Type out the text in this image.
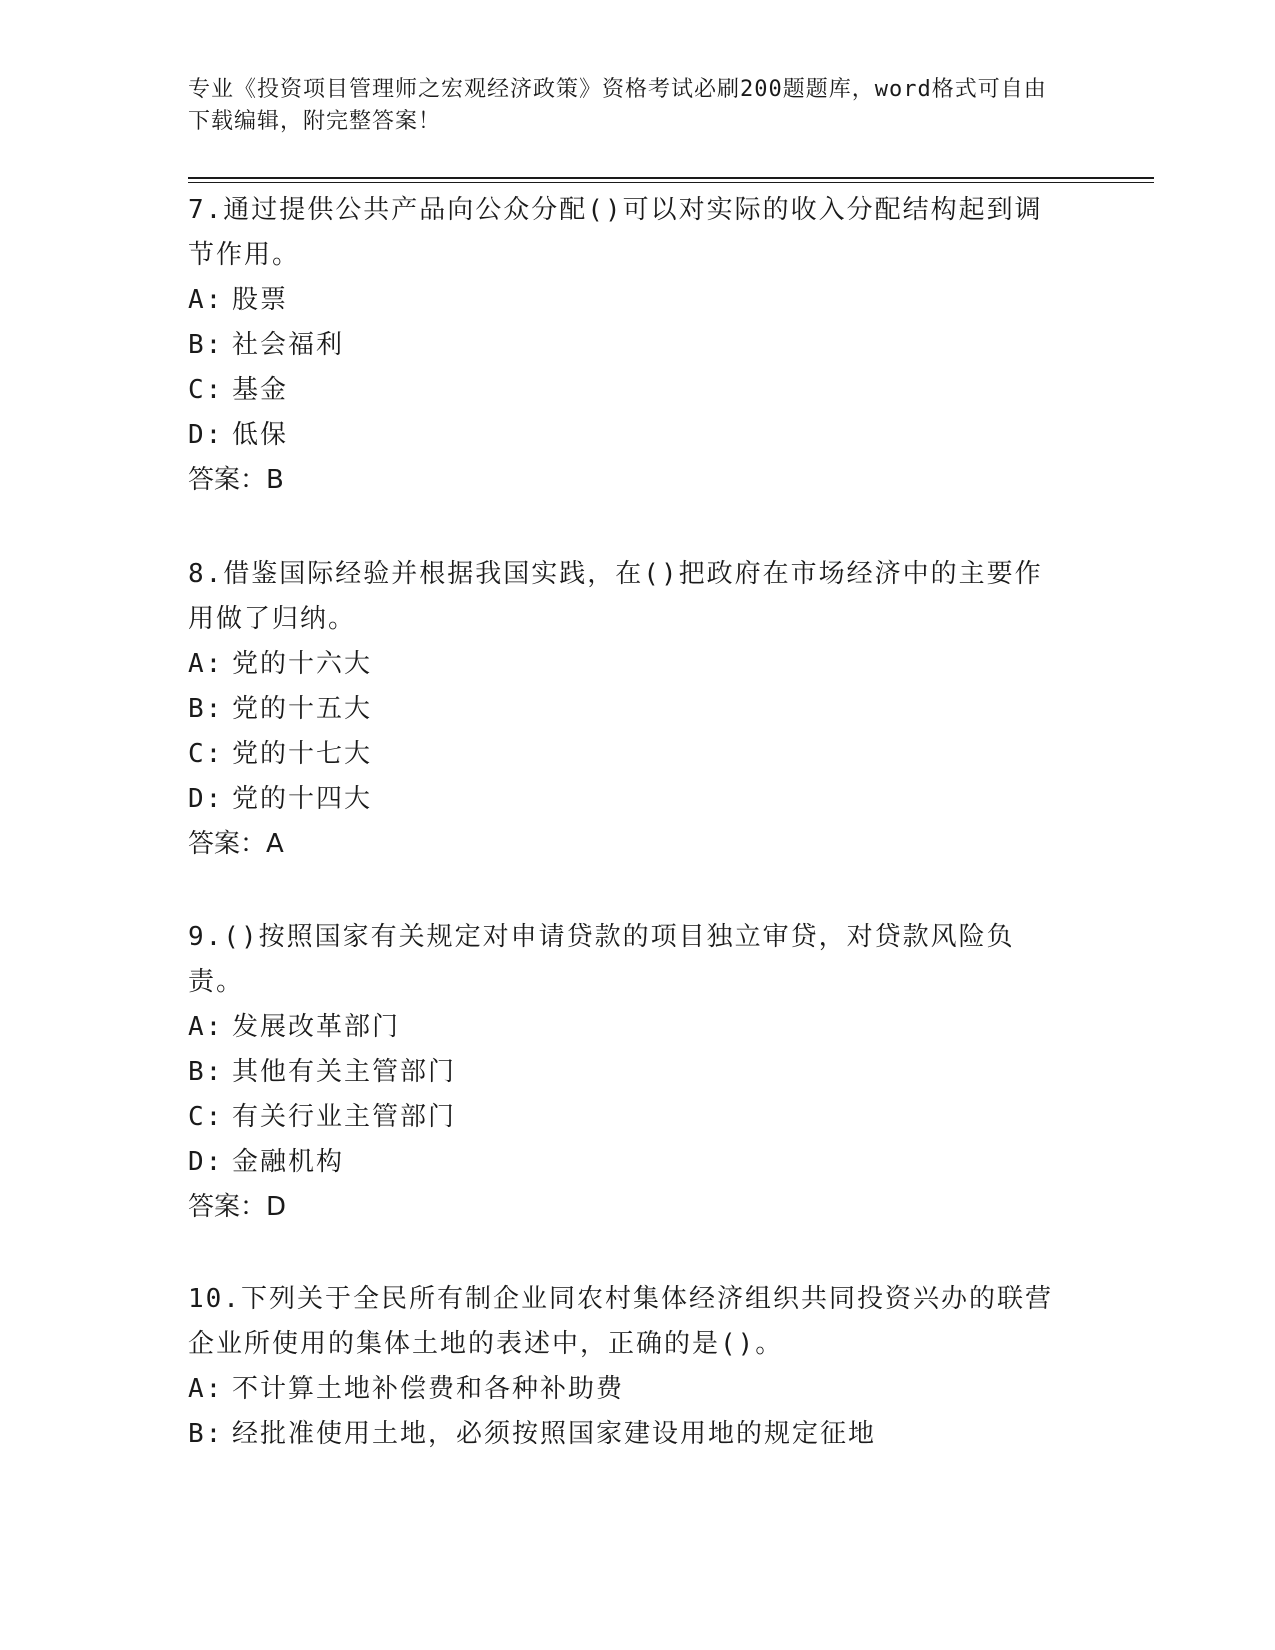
专业《投资项目管理师之宏观经济政策》资格考试必刷200题题库，word格式可自由下载编辑，附完整答案！

7.通过提供公共产品向公众分配()可以对实际的收入分配结构起到调节作用。

A: 股票

B: 社会福利

C: 基金

D: 低保

答案：B

8.借鉴国际经验并根据我国实践，在()把政府在市场经济中的主要作用做了归纳。

A: 党的十六大

B: 党的十五大

C: 党的十七大

D: 党的十四大

答案：A

9.()按照国家有关规定对申请贷款的项目独立审贷，对贷款风险负责。

A: 发展改革部门

B: 其他有关主管部门

C: 有关行业主管部门

D: 金融机构

答案：D

10.下列关于全民所有制企业同农村集体经济组织共同投资兴办的联营企业所使用的集体土地的表述中，正确的是()。

A: 不计算土地补偿费和各种补助费

B: 经批准使用土地，必须按照国家建设用地的规定征地
